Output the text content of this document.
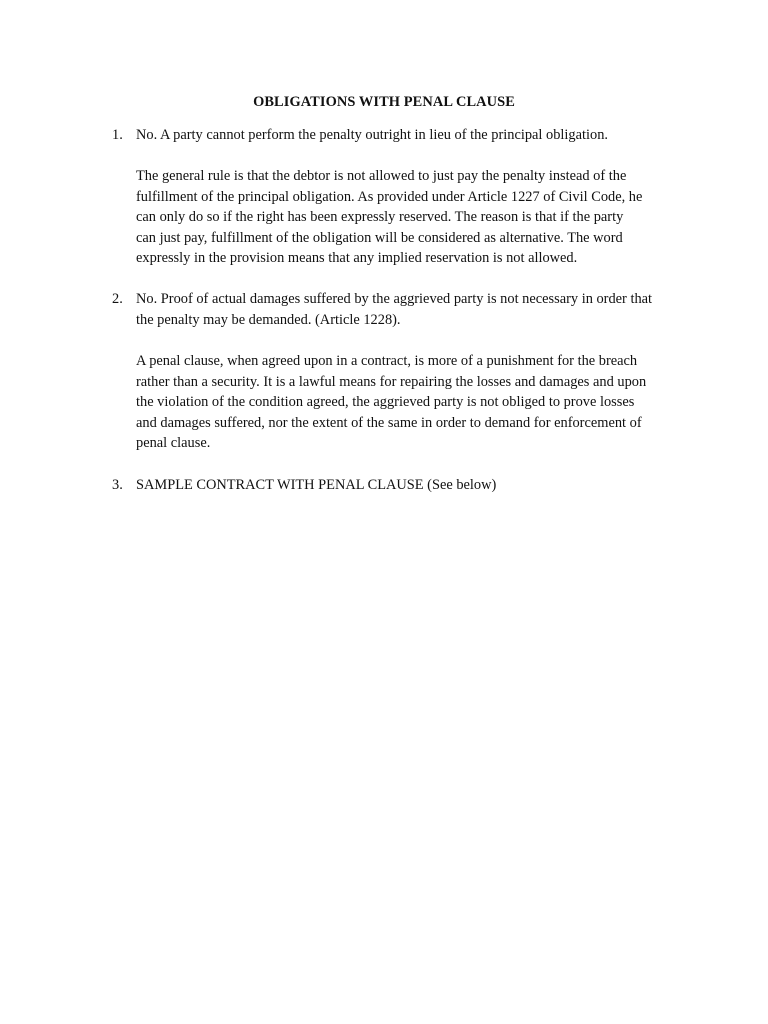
OBLIGATIONS WITH PENAL CLAUSE
1. No. A party cannot perform the penalty outright in lieu of the principal obligation.
The general rule is that the debtor is not allowed to just pay the penalty instead of the
fulfillment of the principal obligation. As provided under Article 1227 of Civil Code, he
can only do so if the right has been expressly reserved. The reason is that if the party
can just pay, fulfillment of the obligation will be considered as alternative. The word
expressly in the provision means that any implied reservation is not allowed.
2. No. Proof of actual damages suffered by the aggrieved party is not necessary in order that
the penalty may be demanded. (Article 1228).
A penal clause, when agreed upon in a contract, is more of a punishment for the breach
rather than a security. It is a lawful means for repairing the losses and damages and upon
the violation of the condition agreed, the aggrieved party is not obliged to prove losses
and damages suffered, nor the extent of the same in order to demand for enforcement of
penal clause.
3. SAMPLE CONTRACT WITH PENAL CLAUSE (See below)
